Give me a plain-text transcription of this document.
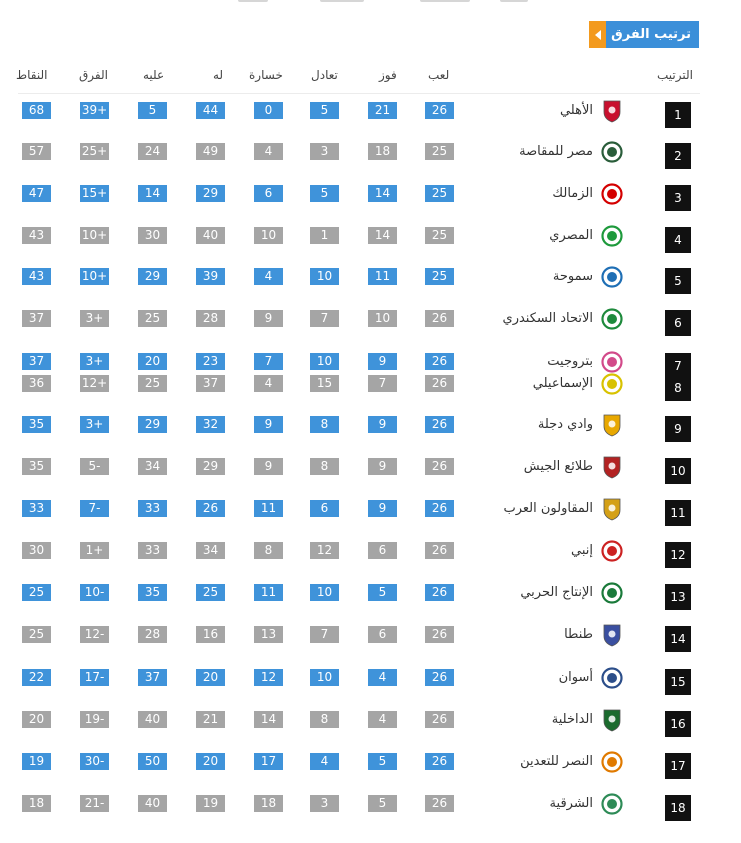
ترتيب الفرق
الترتيب
لعب
فوز
تعادل
خسارة
له
عليه
الفرق
النقاط
1
الأهلي
26
21
5
0
44
5
39+
68
2
مصر للمقاصة
25
18
3
4
49
24
25+
57
3
الزمالك
25
14
5
6
29
14
15+
47
4
المصري
25
14
1
10
40
30
10+
43
5
سموحة
25
11
10
4
39
29
10+
43
6
الاتحاد السكندري
26
10
7
9
28
25
3+
37
7
بتروجيت
26
9
10
7
23
20
3+
37
8
الإسماعيلي
26
7
15
4
37
25
12+
36
9
وادي دجلة
26
9
8
9
32
29
3+
35
10
طلائع الجيش
26
9
8
9
29
34
5-
35
11
المقاولون العرب
26
9
6
11
26
33
7-
33
12
إنبي
26
6
12
8
34
33
1+
30
13
الإنتاج الحربي
26
5
10
11
25
35
10-
25
14
طنطا
26
6
7
13
16
28
12-
25
15
أسوان
26
4
10
12
20
37
17-
22
16
الداخلية
26
4
8
14
21
40
19-
20
17
النصر للتعدين
26
5
4
17
20
50
30-
19
18
الشرقية
26
5
3
18
19
40
21-
18
